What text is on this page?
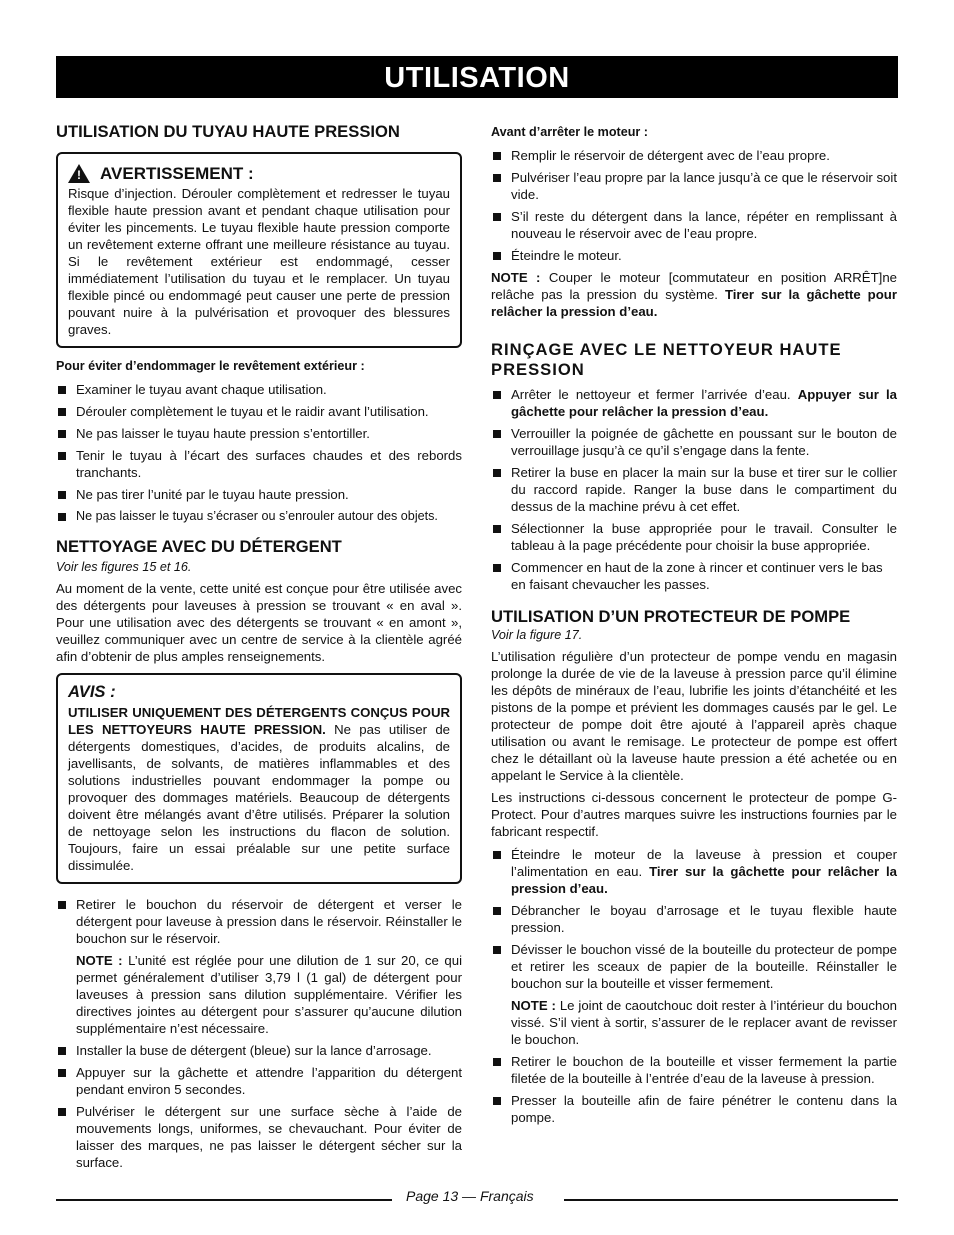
UTILISATION
UTILISATION DU TUYAU HAUTE PRESSION
! AVERTISSEMENT :

Risque d’injection. Dérouler complètement et redresser le tuyau flexible haute pression avant et pendant chaque utilisation pour éviter les pincements. Le tuyau flexible haute pression comporte un revêtement externe offrant une meilleure résistance au tuyau. Si le revêtement extérieur est endommagé, cesser immédiatement l’utilisation du tuyau et le remplacer. Un tuyau flexible pincé ou endommagé peut causer une perte de pression pouvant nuire à la pulvérisation et provoquer des blessures graves.

Pour éviter d’endommager le revêtement extérieur :
Examiner le tuyau avant chaque utilisation.
Dérouler complètement le tuyau et le raidir avant l’utilisation.
Ne pas laisser le tuyau haute pression s’entortiller.
Tenir le tuyau à l’écart des surfaces chaudes et des rebords tranchants.
Ne pas tirer l’unité par le tuyau haute pression.
Ne pas laisser le tuyau s’écraser ou s’enrouler autour des objets.
NETTOYAGE AVEC DU DÉTERGENT
Voir les figures 15 et 16.

Au moment de la vente, cette unité est conçue pour être utilisée avec des détergents pour laveuses à pression se trouvant « en aval ». Pour une utilisation avec des détergents se trouvant « en amont », veuillez communiquer avec un centre de service à la clientèle agréé afin d’obtenir de plus amples renseignements.

AVIS :

UTILISER UNIQUEMENT DES DÉTERGENTS CONÇUS POUR LES NETTOYEURS HAUTE PRESSION. Ne pas utiliser de détergents domestiques, d’acides, de produits alcalins, de javellisants, de solvants, de matières inflammables et des solutions industrielles pouvant endommager la pompe ou provoquer des dommages matériels. Beaucoup de détergents doivent être mélangés avant d’être utilisés. Préparer la solution de nettoyage selon les instructions du flacon de solution. Toujours, faire un essai préalable sur une petite surface dissimulée.

Retirer le bouchon du réservoir de détergent et verser le détergent pour laveuse à pression dans le réservoir. Réinstaller le bouchon sur le réservoir.
NOTE : L’unité est réglée pour une dilution de 1 sur 20, ce qui permet généralement d’utiliser 3,79 l (1 gal) de détergent pour laveuses à pression sans dilution supplémentaire. Vérifier les directives jointes au détergent pour s’assurer qu’aucune dilution supplémentaire n’est nécessaire.
Installer la buse de détergent (bleue) sur la lance d’arrosage.
Appuyer sur la gâchette et attendre l’apparition du détergent pendant environ 5 secondes.
Pulvériser le détergent sur une surface sèche à l’aide de mouvements longs, uniformes, se chevauchant. Pour éviter de laisser des marques, ne pas laisser le détergent sécher sur la surface.
Avant d’arrêter le moteur :
Remplir le réservoir de détergent avec de l’eau propre.
Pulvériser l’eau propre par la lance jusqu’à ce que le réservoir soit vide.
S’il reste du détergent dans la lance, répéter en remplissant à nouveau le réservoir avec de l’eau propre.
Éteindre le moteur.

NOTE : Couper le moteur [commutateur en position ARRÊT]ne relâche pas la pression du système. Tirer sur la gâchette pour relâcher la pression d’eau.

RINÇAGE AVEC LE NETTOYEUR HAUTE PRESSION
Arrêter le nettoyeur et fermer l’arrivée d’eau. Appuyer sur la gâchette pour relâcher la pression d’eau.
Verrouiller la poignée de gâchette en poussant sur le bouton de verrouillage jusqu’à ce qu’il s’engage dans la fente.
Retirer la buse en placer la main sur la buse et tirer sur le collier du raccord rapide. Ranger la buse dans le compartiment du dessus de la machine prévu à cet effet.
Sélectionner la buse appropriée pour le travail. Consulter le tableau à la page précédente pour choisir la buse appropriée.
Commencer en haut de la zone à rincer et continuer vers le bas en faisant chevaucher les passes.
UTILISATION D’UN PROTECTEUR DE POMPE
Voir la figure 17.

L’utilisation régulière d’un protecteur de pompe vendu en magasin prolonge la durée de vie de la laveuse à pression parce qu’il élimine les dépôts de minéraux de l’eau, lubrifie les joints d’étanchéité et les pistons de la pompe et prévient les dommages causés par le gel. Le protecteur de pompe doit être ajouté à l’appareil après chaque utilisation ou avant le remisage. Le protecteur de pompe est offert chez le détaillant où la laveuse haute pression a été achetée ou en appelant le Service à la clientèle.

Les instructions ci-dessous concernent le protecteur de pompe G-Protect. Pour d’autres marques suivre les instructions fournies par le fabricant respectif.

Éteindre le moteur de la laveuse à pression et couper l’alimentation en eau. Tirer sur la gâchette pour relâcher la pression d’eau.
Débrancher le boyau d’arrosage et le tuyau flexible haute pression.
Dévisser le bouchon vissé de la bouteille du protecteur de pompe et retirer les sceaux de papier de la bouteille. Réinstaller le bouchon sur la bouteille et visser fermement.
NOTE : Le joint de caoutchouc doit rester à l’intérieur du bouchon vissé. S’il vient à sortir, s’assurer de le replacer avant de revisser le bouchon.
Retirer le bouchon de la bouteille et visser fermement la partie filetée de la bouteille à l’entrée d’eau de la laveuse à pression.
Presser la bouteille afin de faire pénétrer le contenu dans la pompe.
Page 13 — Français
